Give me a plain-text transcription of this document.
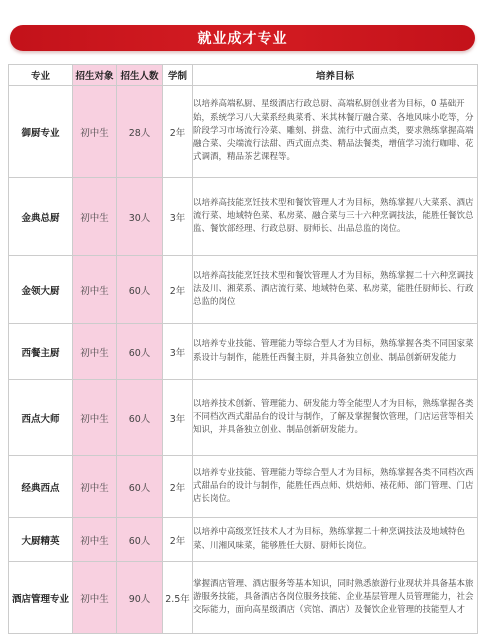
就业成才专业
专业	招生对象	招生人数	学制	培养目标
御厨专业	初中生	28人	2年	以培养高端私厨、星级酒店行政总厨、高端私厨创业者为目标，0 基础开始，系统学习八大菜系经典菜肴、米其林餐厅融合菜、各地风味小吃等，分阶段学习市场流行冷菜、雕刻、拼盘、流行中式面点类，要求熟练掌握高端融合菜、尖端流行法甜、西式面点类、精品法餐类，增值学习流行咖啡、花式调酒，精品茶艺课程等。
金典总厨	初中生	30人	3年	以培养高技能烹饪技术型和餐饮管理人才为目标，熟练掌握八大菜系、酒店流行菜、地域特色菜、私房菜、融合菜与三十六种烹调技法，能胜任餐饮总监、餐饮部经理、行政总厨、厨师长、出品总监的岗位。
金领大厨	初中生	60人	2年	以培养高技能烹饪技术型和餐饮管理人才为目标，熟练掌握二十六种烹调技法及川、湘菜系、酒店流行菜、地域特色菜、私房菜，能胜任厨师长、行政总监的岗位
西餐主厨	初中生	60人	3年	以培养专业技能、管理能力等综合型人才为目标，熟练掌握各类不同国家菜系设计与制作，能胜任西餐主厨，并具备独立创业、制品创新研发能力
西点大师	初中生	60人	3年	以培养技术创新、管理能力、研发能力等全能型人才为目标，熟练掌握各类不同档次西式甜品台的设计与制作，了解及掌握餐饮管理，门店运营等相关知识，并具备独立创业、制品创新研发能力。
经典西点	初中生	60人	2年	以培养专业技能、管理能力等综合型人才为目标，熟练掌握各类不同档次西式甜品台的设计与制作，能胜任西点师、烘焙师、裱花师、部门管理、门店店长岗位。
大厨精英	初中生	60人	2年	以培养中高级烹饪技术人才为目标，熟练掌握二十种烹调技法及地域特色菜、川湘风味菜，能够胜任大厨、厨师长岗位。
酒店管理专业	初中生	90人	2.5年	掌握酒店管理、酒店服务等基本知识，同时熟悉旅游行业现状并具备基本旅游服务技能，具备酒店各岗位服务技能、企业基层管理人员管理能力，社会交际能力，面向高星级酒店（宾馆、酒店）及餐饮企业管理的技能型人才
